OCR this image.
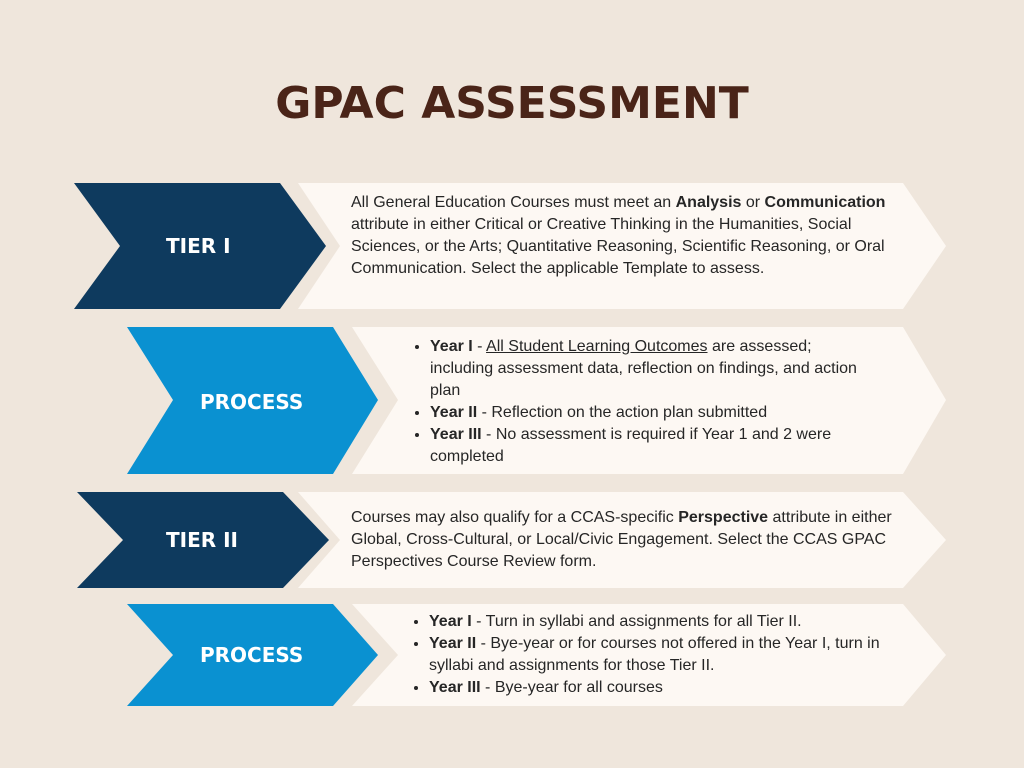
GPAC ASSESSMENT
TIER I
PROCESS
TIER II
PROCESS
All General Education Courses must meet an Analysis or Communication attribute in either Critical or Creative Thinking in the Humanities, Social Sciences, or the Arts; Quantitative Reasoning, Scientific Reasoning, or Oral Communication. Select the applicable Template to assess.
• Year I - All Student Learning Outcomes are assessed; including assessment data, reflection on findings, and action plan
• Year II - Reflection on the action plan submitted
• Year III - No assessment is required if Year 1 and 2 were completed
Courses may also qualify for a CCAS-specific Perspective attribute in either Global, Cross-Cultural, or Local/Civic Engagement. Select the CCAS GPAC Perspectives Course Review form.
• Year I - Turn in syllabi and assignments for all Tier II.
• Year II - Bye-year or for courses not offered in the Year I, turn in syllabi and assignments for those Tier II.
• Year III - Bye-year for all courses
